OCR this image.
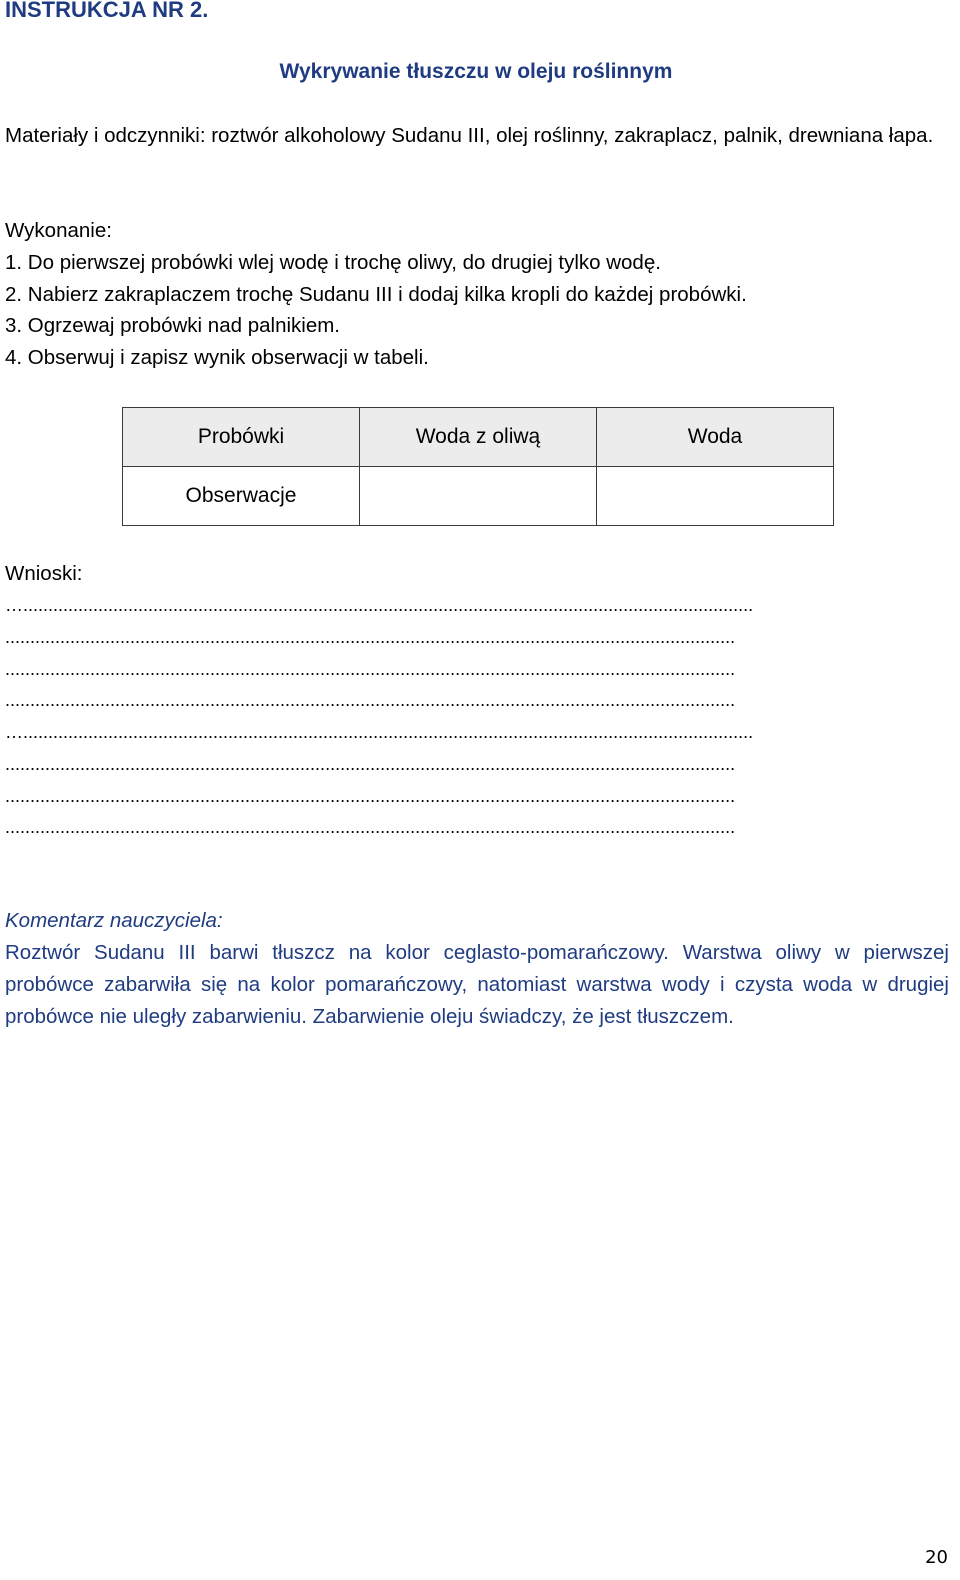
INSTRUKCJA NR 2.
Wykrywanie tłuszczu w oleju roślinnym

Materiały i odczynniki: roztwór alkoholowy Sudanu III, olej roślinny, zakraplacz, palnik, drewniana łapa.

Wykonanie:

1. Do pierwszej probówki wlej wodę i trochę oliwy, do drugiej tylko wodę.
2. Nabierz zakraplaczem trochę Sudanu III i dodaj kilka kropli do każdej probówki.
3. Ogrzewaj probówki nad palnikiem.
4. Obserwuj i zapisz wynik obserwacji w tabeli.
Probówki	Woda z oliwą	Woda
Obserwacje		

Wnioski:

…..................................................................................................................................................
..................................................................................................................................................
..................................................................................................................................................
..................................................................................................................................................
…..................................................................................................................................................
..................................................................................................................................................
..................................................................................................................................................
..................................................................................................................................................

Komentarz nauczyciela:

Roztwór Sudanu III barwi tłuszcz na kolor ceglasto-pomarańczowy. Warstwa oliwy w pierwszej probówce zabarwiła się na kolor pomarańczowy, natomiast warstwa wody i czysta woda w drugiej probówce nie uległy zabarwieniu. Zabarwienie oleju świadczy, że jest tłuszczem.

20
